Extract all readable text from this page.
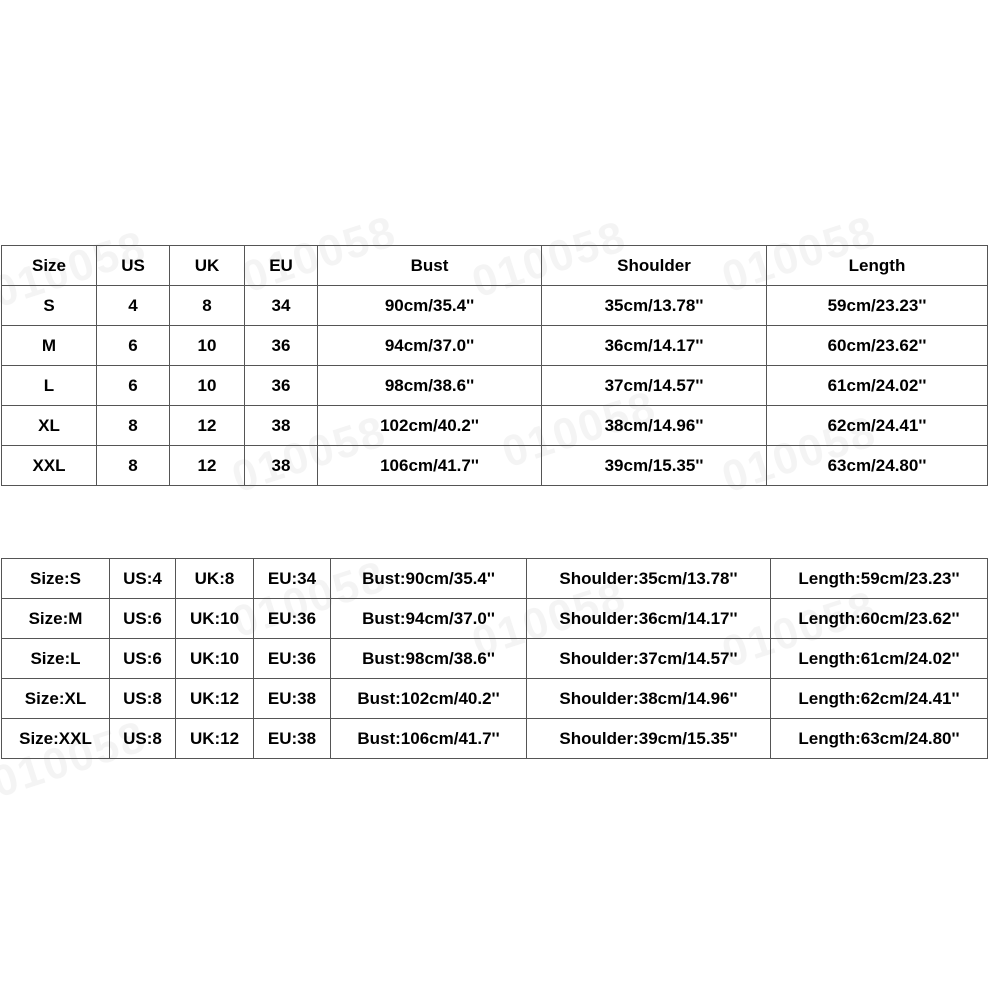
Size	US	UK	EU	Bust	Shoulder	Length
S	4	8	34	90cm/35.4''	35cm/13.78''	59cm/23.23''
M	6	10	36	94cm/37.0''	36cm/14.17''	60cm/23.62''
L	6	10	36	98cm/38.6''	37cm/14.57''	61cm/24.02''
XL	8	12	38	102cm/40.2''	38cm/14.96''	62cm/24.41''
XXL	8	12	38	106cm/41.7''	39cm/15.35''	63cm/24.80''
Size:S	US:4	UK:8	EU:34	Bust:90cm/35.4''	Shoulder:35cm/13.78''	Length:59cm/23.23''
Size:M	US:6	UK:10	EU:36	Bust:94cm/37.0''	Shoulder:36cm/14.17''	Length:60cm/23.62''
Size:L	US:6	UK:10	EU:36	Bust:98cm/38.6''	Shoulder:37cm/14.57''	Length:61cm/24.02''
Size:XL	US:8	UK:12	EU:38	Bust:102cm/40.2''	Shoulder:38cm/14.96''	Length:62cm/24.41''
Size:XXL	US:8	UK:12	EU:38	Bust:106cm/41.7''	Shoulder:39cm/15.35''	Length:63cm/24.80''
